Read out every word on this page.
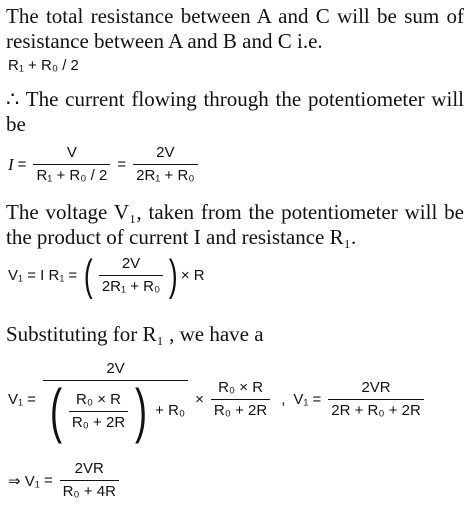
The total resistance between A and C will be sum of resistance between A and B and C i.e.
R₁ + R₀ / 2
∴ The current flowing through the potentiometer will be
$I = \frac{V}{\text{R₁ + R₀ / 2}} = \frac{2V}{\text{2R₁ + R₀}}$
The voltage V₁, taken from the potentiometer will be the product of current I and resistance R₁.
V₁ = I R₁ = ( $\frac{2V}{\text{2R₁ + R₀}}$ ) × R
Substituting for R₁ , we have a
V₁ =
2V
( $\frac{\text{R₀ × R}}{\text{R₀ + 2R}}$ ) + R₀
× $\frac{\text{R₀ × R}}{\text{R₀ + 2R}}$ , $V_1 = \frac{2VR}{\text{2R + R₀ + 2R}}$
⇒ $V_1 = \frac{2VR}{\text{R₀ + 4R}}$
